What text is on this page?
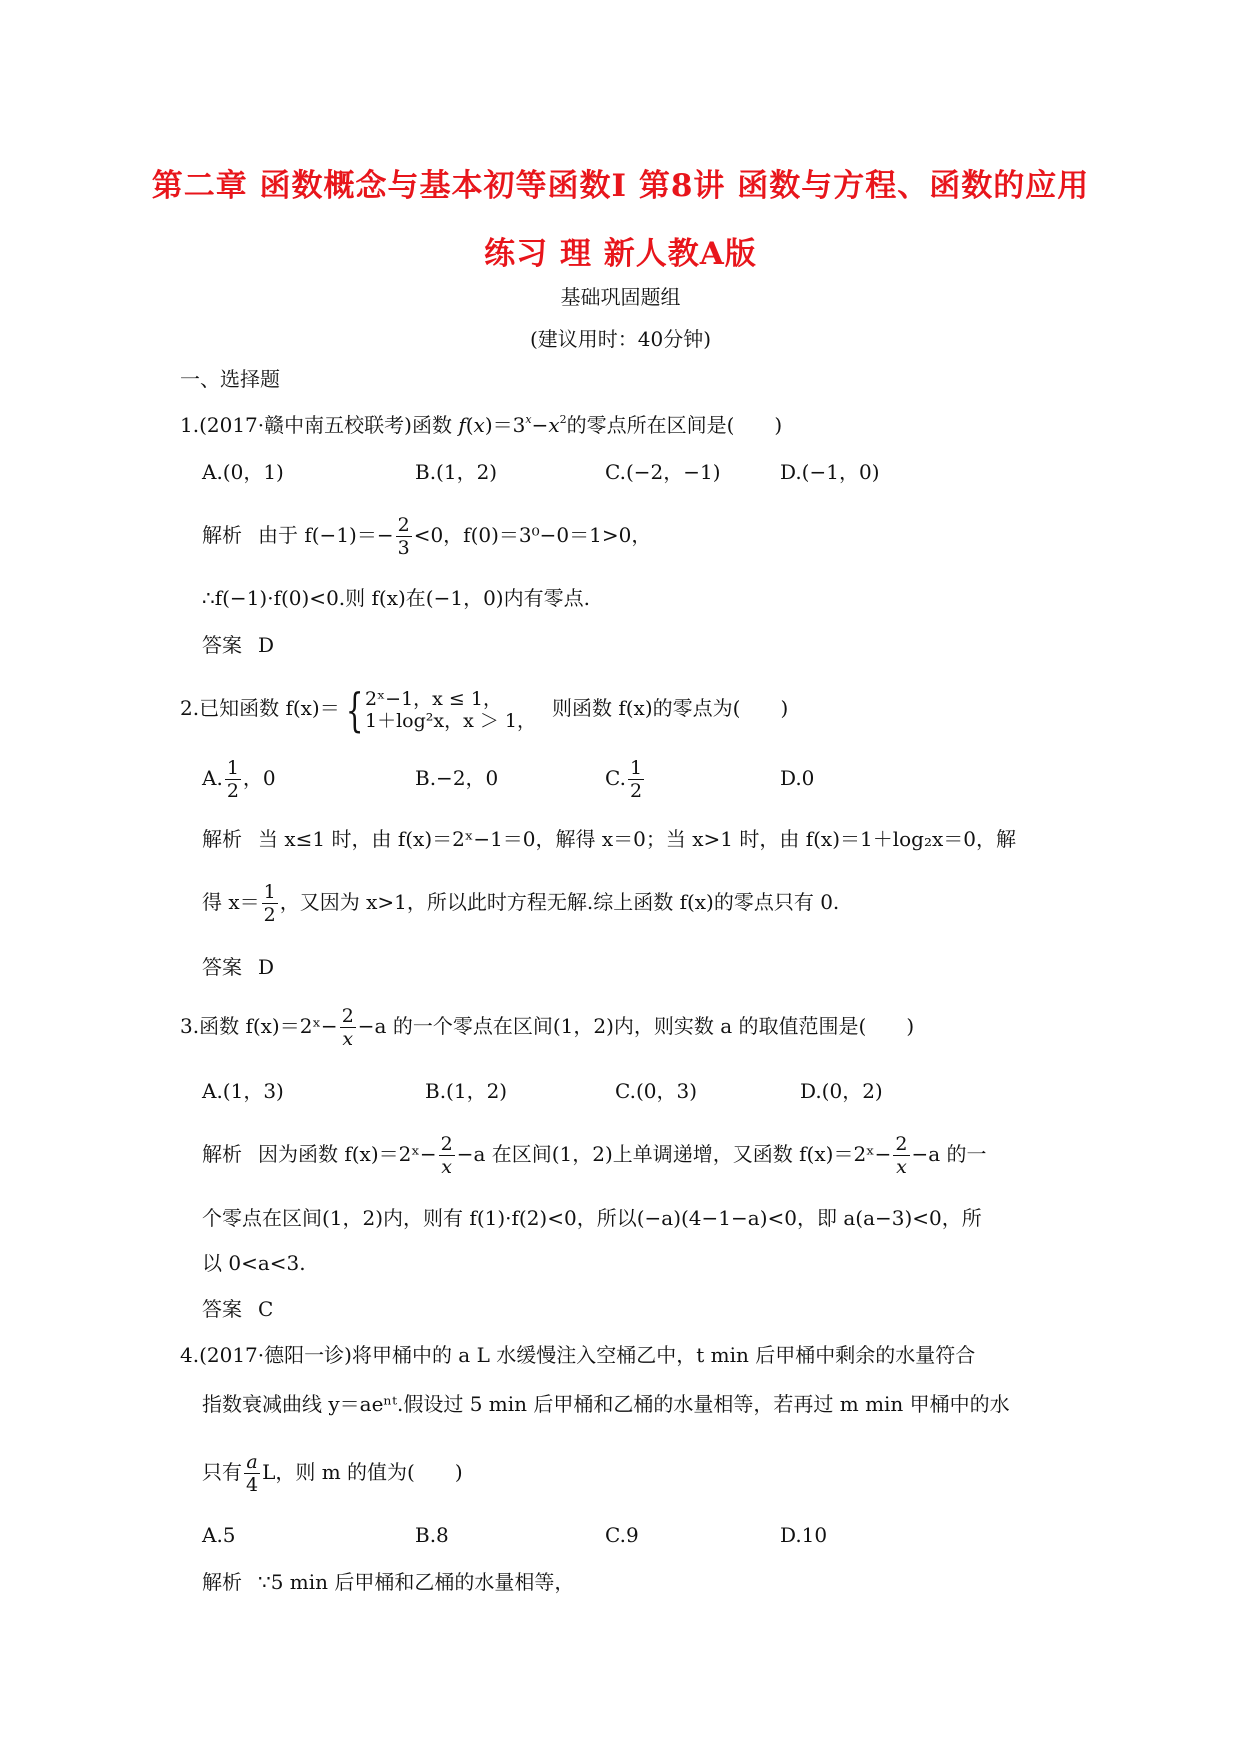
第二章 函数概念与基本初等函数Ⅰ 第8讲 函数与方程、函数的应用
练习 理 新人教A版
基础巩固题组
(建议用时：40分钟)
一、选择题
1.(2017·赣中南五校联考)函数 $f(x)=3^x-x^2$的零点所在区间是(　　)
A.(0，1)	B.(1，2)	C.(−2，−1)	D.(−1，0)
解析 由于 $f(-1)=- \frac{2}{3} <0$，f(0)＝3⁰−0＝1>0，
∴f(−1)·f(0)<0.则 f(x)在(−1，0)内有零点.
答案 D
2.已知函数 f(x)＝ { 2ˣ−1，x ≤ 1，
1＋log²x，x ＞ 1，
则函数 f(x)的零点为(　　)
A. $\frac{1}{2}$ ，0	B.−2，0	C. $\frac{1}{2}$	D.0
解析 当 x≤1 时，由 f(x)＝2ˣ−1＝0，解得 x＝0；当 x>1 时，由 f(x)＝1＋log₂x＝0，解
得 $x= \frac{1}{2}$ ，又因为 x>1，所以此时方程无解.综上函数 f(x)的零点只有 0.
答案 D
3.函数 f(x)＝2ˣ− $\frac{2}{x} -a$ 的一个零点在区间(1，2)内，则实数 a 的取值范围是(　　)
A.(1，3)	B.(1，2)	C.(0，3)	D.(0，2)
解析 因为函数 f(x)＝2ˣ− $\frac{2}{x} -a$ 在区间(1，2)上单调递增，又函数 f(x)＝2ˣ− $\frac{2}{x} -a$ 的一
个零点在区间(1，2)内，则有 f(1)·f(2)<0，所以(−a)(4−1−a)<0，即 a(a−3)<0，所
以 0<a<3.
答案 C
4.(2017·德阳一诊)将甲桶中的 a L 水缓慢注入空桶乙中，t min 后甲桶中剩余的水量符合
指数衰减曲线 y＝aeⁿᵗ.假设过 5 min 后甲桶和乙桶的水量相等，若再过 m min 甲桶中的水
只有 $\frac{a}{4}$ L，则 m 的值为(　　)
A.5	B.8	C.9	D.10
解析 ∵5 min 后甲桶和乙桶的水量相等，
